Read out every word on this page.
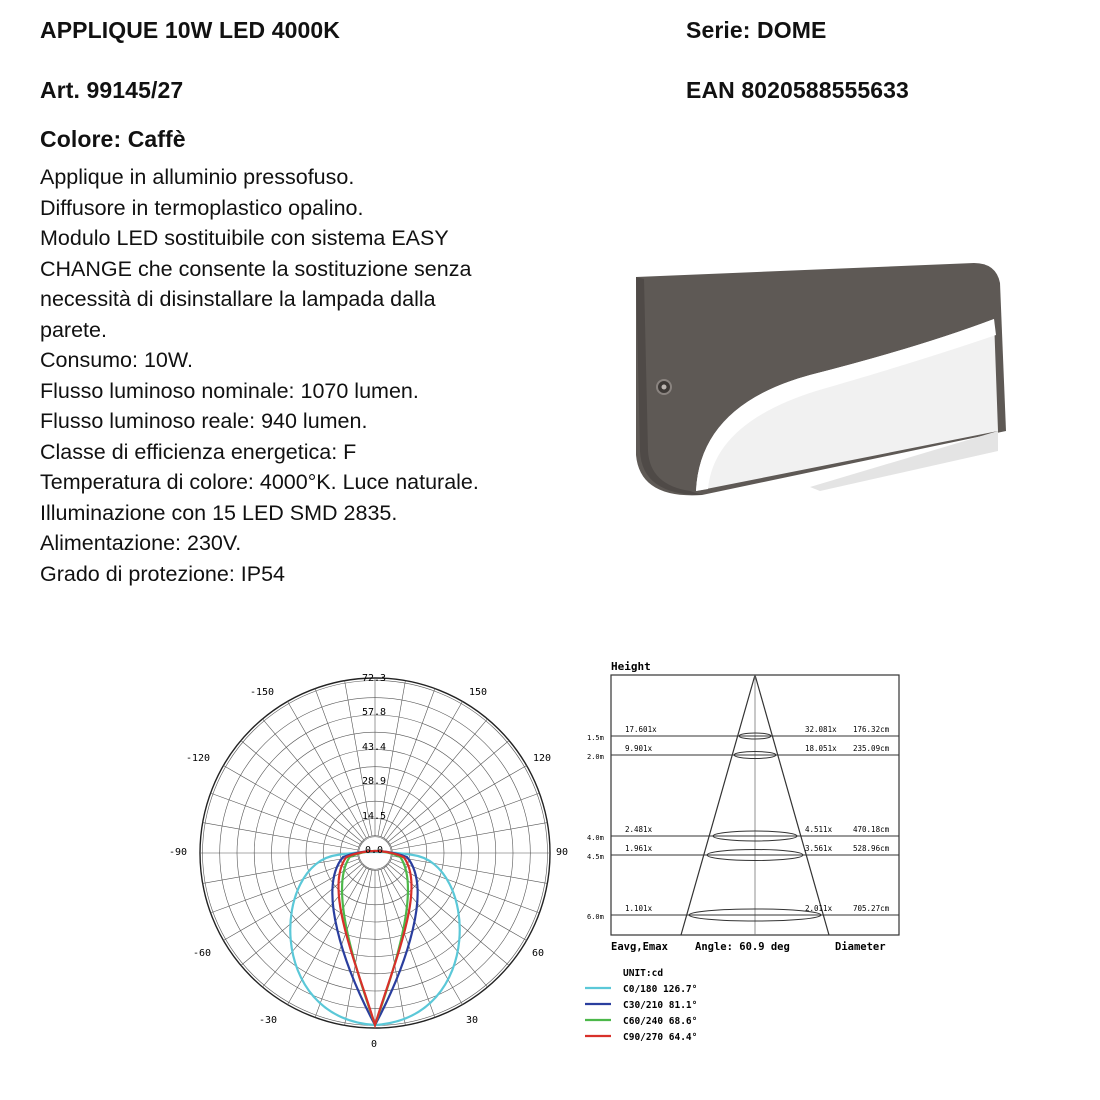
APPLIQUE 10W LED 4000K	Serie: DOME
Art. 99145/27	EAN 8020588555633
Colore: Caffè
Applique in alluminio pressofuso.
Diffusore in termoplastico opalino.
Modulo LED sostituibile con sistema EASY
CHANGE che consente la sostituzione senza
necessità di disinstallare la lampada dalla
parete.
Consumo: 10W.
Flusso luminoso nominale: 1070 lumen.
Flusso luminoso reale: 940 lumen.
Classe di efficienza energetica: F
Temperatura di colore: 4000°K. Luce naturale.
Illuminazione con 15 LED SMD 2835.
Alimentazione: 230V.
Grado di protezione: IP54
72.3
57.8
43.4
28.9
14.5
0.0
-150	150
-120	120
-90	90
-60	60
-30	30
0
Height
1.5m
17.601x	32.081x 176.32cm
2.0m
9.901x	18.051x 235.09cm
4.0m
2.481x	4.511x	470.18cm
4.5m
1.961x	3.561x	528.96cm
6.0m
1.101x	2.011x	705.27cm
Eavg,Emax	Angle: 60.9 deg	Diameter
UNIT:cd
C0/180 126.7°
C30/210 81.1°
C60/240 68.6°
C90/270 64.4°
